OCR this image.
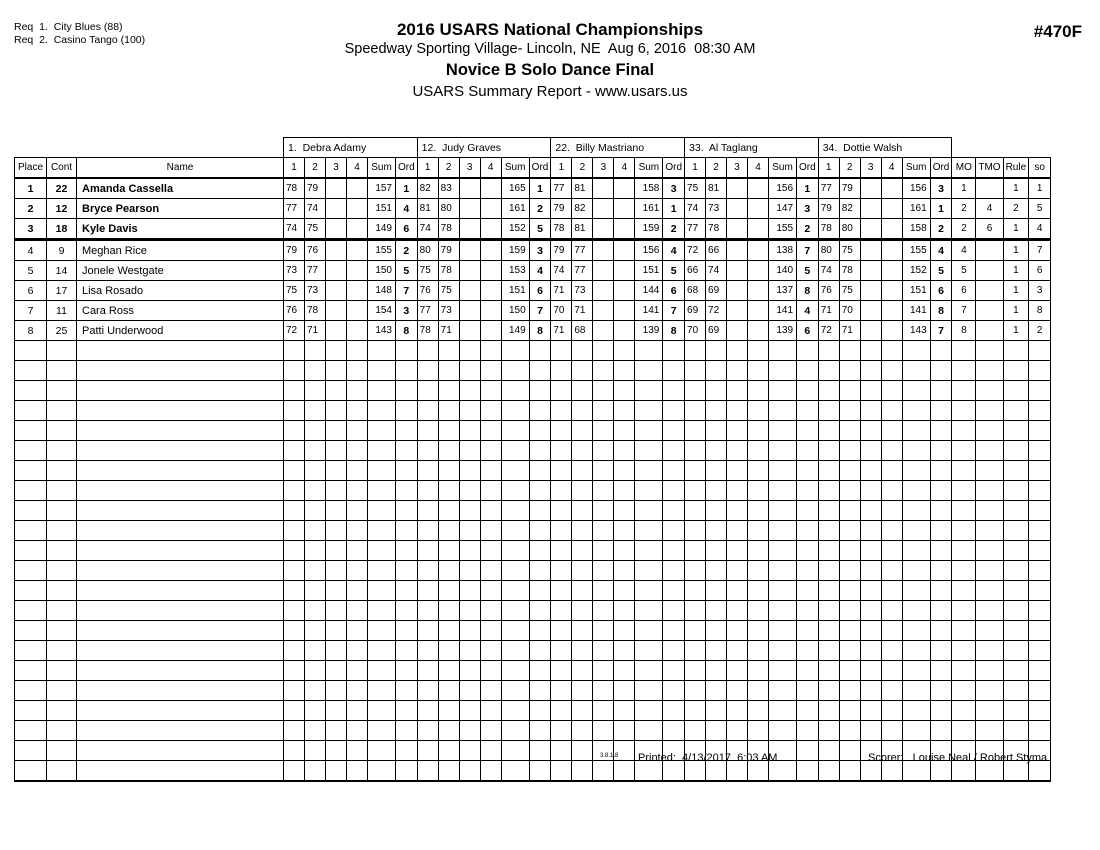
Req  1.  City Blues (88)
Req  2.  Casino Tango (100)
2016 USARS National Championships
Speedway Sporting Village- Lincoln, NE  Aug 6, 2016  08:30 AM
Novice B Solo Dance Final
USARS Summary Report - www.usars.us
#470F
			1.  Debra Adamy						12.  Judy Graves						22.  Billy Mastriano						33.  Al Taglang						34.  Dottie Walsh									
Place	Cont	Name	1	2	3	4	Sum	Ord	1	2	3	4	Sum	Ord	1	2	3	4	Sum	Ord	1	2	3	4	Sum	Ord	1	2	3	4	Sum	Ord	MO	TMO	Rule	so
1	22	Amanda Cassella	78	79			157	1	82	83			165	1	77	81			158	3	75	81			156	1	77	79			156	3	1		1	1
2	12	Bryce Pearson	77	74			151	4	81	80			161	2	79	82			161	1	74	73			147	3	79	82			161	1	2	4	2	5
3	18	Kyle Davis	74	75			149	6	74	78			152	5	78	81			159	2	77	78			155	2	78	80			158	2	2	6	1	4
4	9	Meghan Rice	79	76			155	2	80	79			159	3	79	77			156	4	72	66			138	7	80	75			155	4	4		1	7
5	14	Jonele Westgate	73	77			150	5	75	78			153	4	74	77			151	5	66	74			140	5	74	78			152	5	5		1	6
6	17	Lisa Rosado	75	73			148	7	76	75			151	6	71	73			144	6	68	69			137	8	76	75			151	6	6		1	3
7	11	Cara Ross	76	78			154	3	77	73			150	7	70	71			141	7	69	72			141	4	71	70			141	8	7		1	8
8	25	Patti Underwood	72	71			143	8	78	71			149	8	71	68			139	8	70	69			139	6	72	71			143	7	8		1	2

3.8.1.8 Printed: 4/13/2017  6:03 AM	Scorer: Louise Neal / Robert Styma
